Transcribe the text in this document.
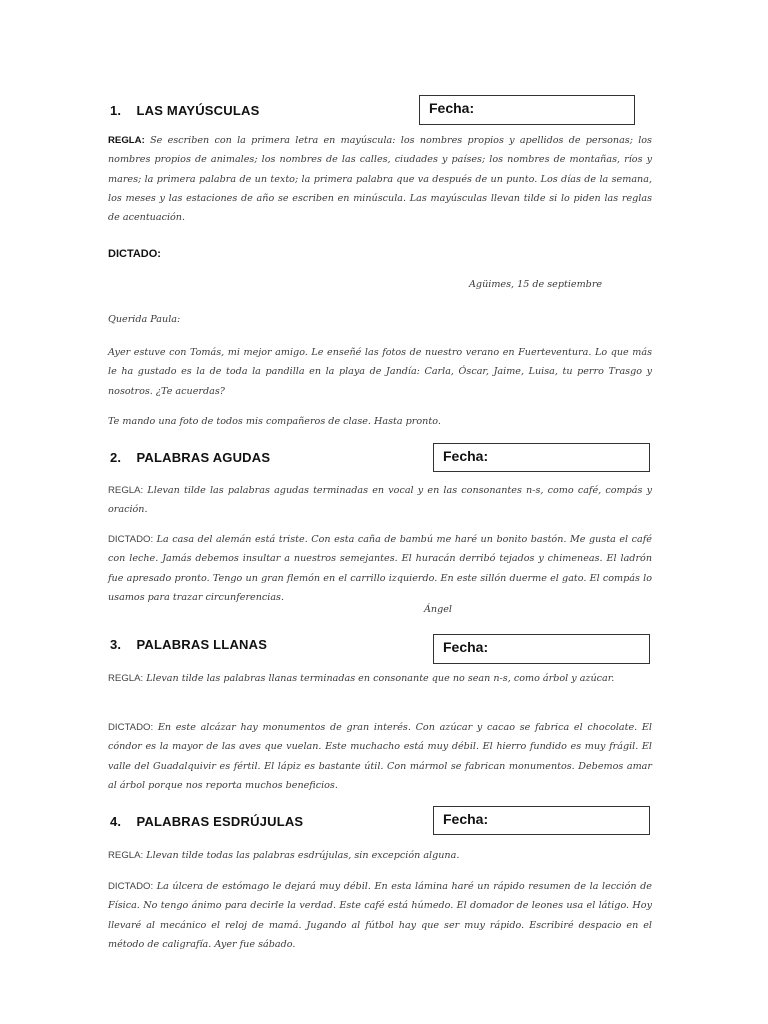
1. LAS MAYÚSCULAS	Fecha:

REGLA: Se escriben con la primera letra en mayúscula: los nombres propios y apellidos de personas; los nombres propios de animales; los nombres de las calles, ciudades y países; los nombres de montañas, ríos y mares; la primera palabra de un texto; la primera palabra que va después de un punto. Los días de la semana, los meses y las estaciones de año se escriben en minúscula. Las mayúsculas llevan tilde si lo piden las reglas de acentuación.

DICTADO:
Agüimes, 15 de septiembre
Querida Paula:

Ayer estuve con Tomás, mi mejor amigo. Le enseñé las fotos de nuestro verano en Fuerteventura. Lo que más le ha gustado es la de toda la pandilla en la playa de Jandía: Carla, Óscar, Jaime, Luisa, tu perro Trasgo y nosotros. ¿Te acuerdas?

Te mando una foto de todos mis compañeros de clase. Hasta pronto.
2. PALABRAS AGUDAS	Fecha:

REGLA: Llevan tilde las palabras agudas terminadas en vocal y en las consonantes n-s, como café, compás y oración.

DICTADO: La casa del alemán está triste. Con esta caña de bambú me haré un bonito bastón. Me gusta el café con leche. Jamás debemos insultar a nuestros semejantes. El huracán derribó tejados y chimeneas. El ladrón fue apresado pronto. Tengo un gran flemón en el carrillo izquierdo. En este sillón duerme el gato. El compás lo usamos para trazar circunferencias.

Ángel
3. PALABRAS LLANAS	Fecha:

REGLA: Llevan tilde las palabras llanas terminadas en consonante que no sean n-s, como árbol y azúcar.

DICTADO: En este alcázar hay monumentos de gran interés. Con azúcar y cacao se fabrica el chocolate. El cóndor es la mayor de las aves que vuelan. Este muchacho está muy débil. El hierro fundido es muy frágil. El valle del Guadalquivir es fértil. El lápiz es bastante útil. Con mármol se fabrican monumentos. Debemos amar al árbol porque nos reporta muchos beneficios.

4. PALABRAS ESDRÚJULAS	Fecha:

REGLA: Llevan tilde todas las palabras esdrújulas, sin excepción alguna.

DICTADO: La úlcera de estómago le dejará muy débil. En esta lámina haré un rápido resumen de la lección de Física. No tengo ánimo para decirle la verdad. Este café está húmedo. El domador de leones usa el látigo. Hoy llevaré al mecánico el reloj de mamá. Jugando al fútbol hay que ser muy rápido. Escribiré despacio en el método de caligrafía. Ayer fue sábado.
